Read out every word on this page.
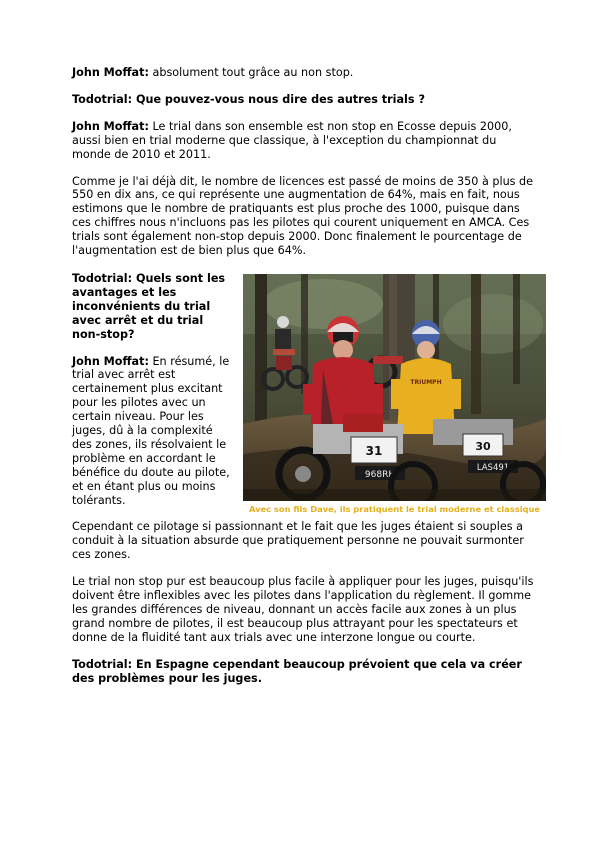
John Moffat: absolument tout grâce au non stop.

Todotrial: Que pouvez-vous nous dire des autres trials ?

John Moffat: Le trial dans son ensemble est non stop en Ecosse depuis 2000, aussi bien en trial moderne que classique, à l'exception du championnat du monde de 2010 et 2011.

Comme je l'ai déjà dit, le nombre de licences est passé de moins de 350 à plus de 550 en dix ans, ce qui représente une augmentation de 64%, mais en fait, nous estimons que le nombre de pratiquants est plus proche des 1000, puisque dans ces chiffres nous n'incluons pas les pilotes qui courent uniquement en AMCA. Ces trials sont également non-stop depuis 2000. Donc finalement le pourcentage de l'augmentation est de bien plus que 64%.

TRIUMPH
31
968RH
30
LAS491
Avec son fils Dave, ils pratiquent le trial moderne et classique

Todotrial: Quels sont les avantages et les inconvénients du trial avec arrêt et du trial non-stop?

John Moffat: En résumé, le trial avec arrêt est certainement plus excitant pour les pilotes avec un certain niveau. Pour les juges, dû à la complexité des zones, ils résolvaient le problème en accordant le bénéfice du doute au pilote, et en étant plus ou moins tolérants.

Cependant ce pilotage si passionnant et le fait que les juges étaient si souples a conduit à la situation absurde que pratiquement personne ne pouvait surmonter ces zones.

Le trial non stop pur est beaucoup plus facile à appliquer pour les juges, puisqu'ils doivent être inflexibles avec les pilotes dans l'application du règlement. Il gomme les grandes différences de niveau, donnant un accès facile aux zones à un plus grand nombre de pilotes, il est beaucoup plus attrayant pour les spectateurs et donne de la fluidité tant aux trials avec une interzone longue ou courte.

Todotrial: En Espagne cependant beaucoup prévoient que cela va créer des problèmes pour les juges.
